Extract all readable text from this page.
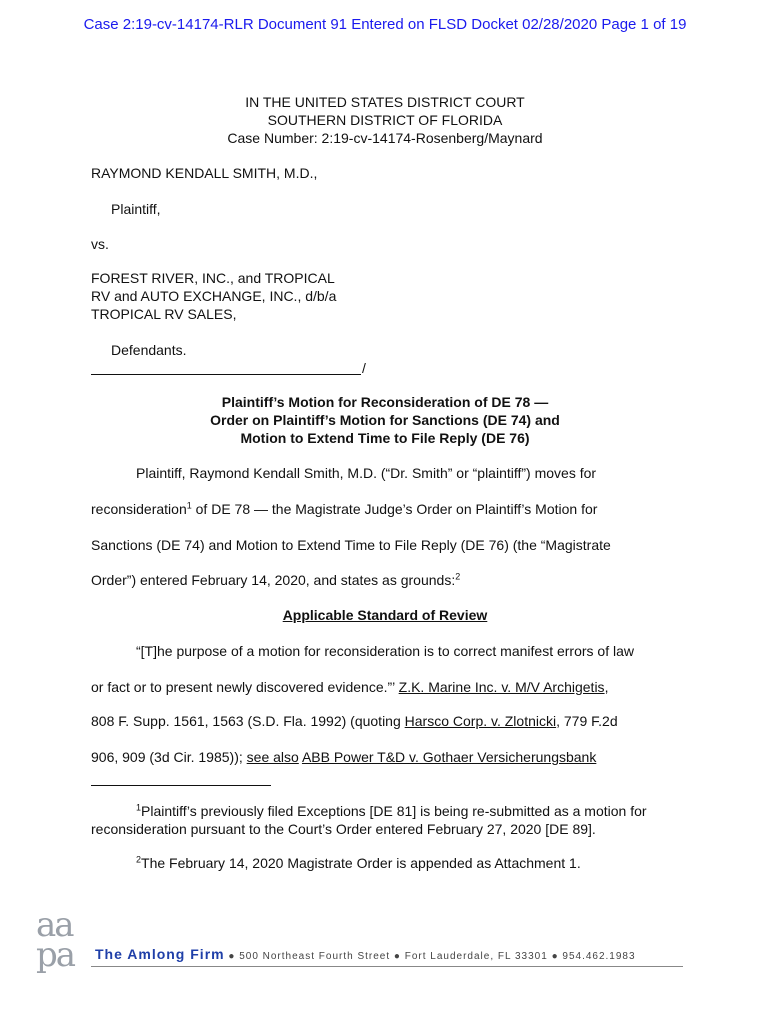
Case 2:19-cv-14174-RLR Document 91 Entered on FLSD Docket 02/28/2020 Page 1 of 19
IN THE UNITED STATES DISTRICT COURT
SOUTHERN DISTRICT OF FLORIDA
Case Number: 2:19-cv-14174-Rosenberg/Maynard
RAYMOND KENDALL SMITH, M.D.,
Plaintiff,
vs.
FOREST RIVER, INC., and TROPICAL
RV and AUTO EXCHANGE, INC., d/b/a
TROPICAL RV SALES,
Defendants.
/
Plaintiff’s Motion for Reconsideration of DE 78 —
Order on Plaintiff’s Motion for Sanctions (DE 74) and
Motion to Extend Time to File Reply (DE 76)
Plaintiff, Raymond Kendall Smith, M.D. (“Dr. Smith” or “plaintiff”) moves for
reconsideration$^1$ of DE 78 — the Magistrate Judge’s Order on Plaintiff’s Motion for
Sanctions (DE 74) and Motion to Extend Time to File Reply (DE 76) (the “Magistrate
Order”) entered February 14, 2020, and states as grounds:$^2$
Applicable Standard of Review
“[T]he purpose of a motion for reconsideration is to correct manifest errors of law
or fact or to present newly discovered evidence.”’ Z.K. Marine Inc. v. M/V Archigetis,
808 F. Supp. 1561, 1563 (S.D. Fla. 1992) (quoting Harsco Corp. v. Zlotnicki, 779 F.2d
906, 909 (3d Cir. 1985)); see also ABB Power T&D v. Gothaer Versicherungsbank
$^1$Plaintiff’s previously filed Exceptions [DE 81] is being re-submitted as a motion for
reconsideration pursuant to the Court’s Order entered February 27, 2020 [DE 89].
$^2$The February 14, 2020 Magistrate Order is appended as Attachment 1.
aa
pa The Amlong Firm ● 500 Northeast Fourth Street ● Fort Lauderdale, FL 33301 ● 954.462.1983
